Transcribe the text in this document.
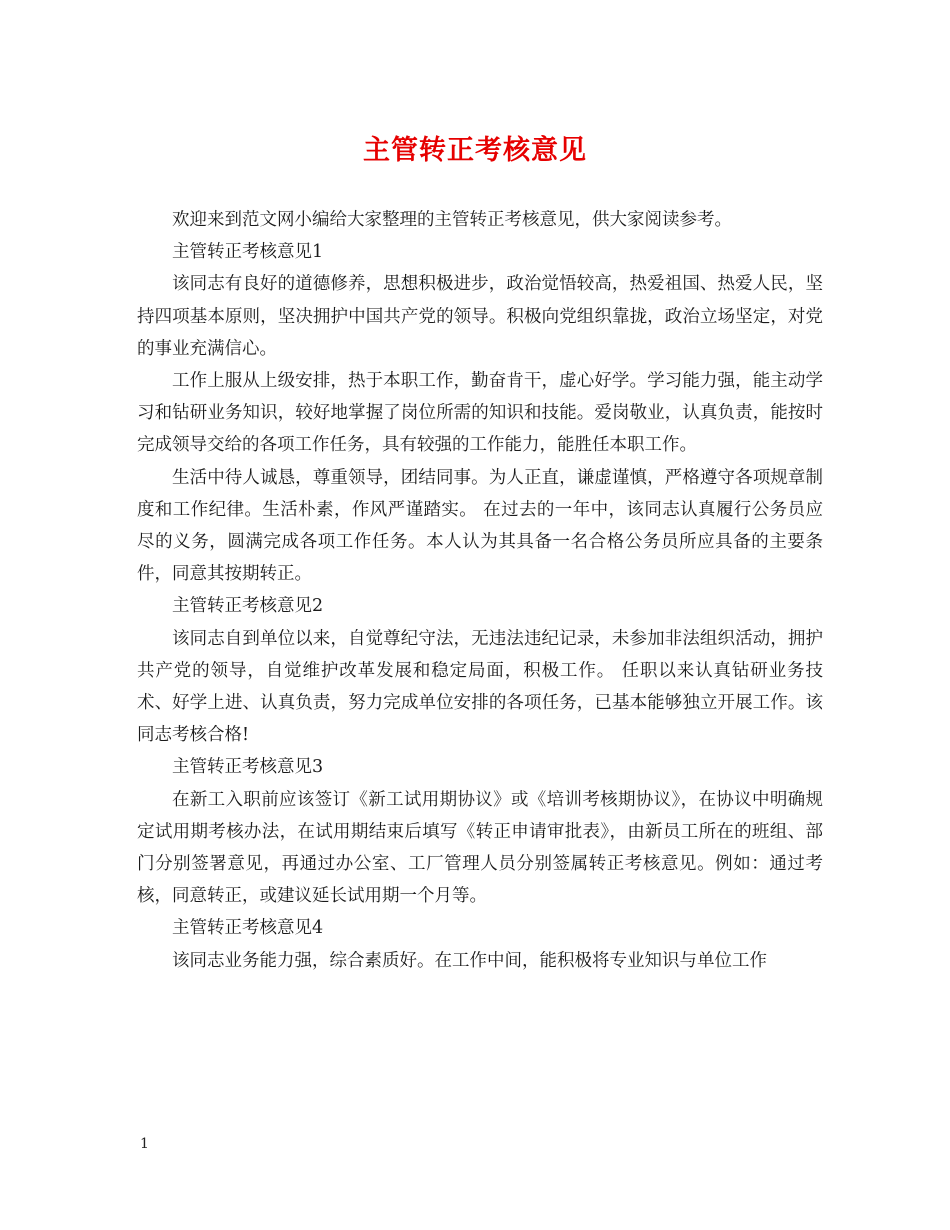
主管转正考核意见

欢迎来到范文网小编给大家整理的主管转正考核意见，供大家阅读参考。

主管转正考核意见1

该同志有良好的道德修养，思想积极进步，政治觉悟较高，热爱祖国、热爱人民，坚持四项基本原则，坚决拥护中国共产党的领导。积极向党组织靠拢，政治立场坚定，对党的事业充满信心。

工作上服从上级安排，热于本职工作，勤奋肯干，虚心好学。学习能力强，能主动学习和钻研业务知识，较好地掌握了岗位所需的知识和技能。爱岗敬业，认真负责，能按时完成领导交给的各项工作任务，具有较强的工作能力，能胜任本职工作。

生活中待人诚恳，尊重领导，团结同事。为人正直，谦虚谨慎，严格遵守各项规章制度和工作纪律。生活朴素，作风严谨踏实。 在过去的一年中，该同志认真履行公务员应尽的义务，圆满完成各项工作任务。本人认为其具备一名合格公务员所应具备的主要条件，同意其按期转正。

主管转正考核意见2

该同志自到单位以来，自觉尊纪守法，无违法违纪记录，未参加非法组织活动，拥护共产党的领导，自觉维护改革发展和稳定局面，积极工作。 任职以来认真钻研业务技术、好学上进、认真负责，努力完成单位安排的各项任务，已基本能够独立开展工作。该同志考核合格!

主管转正考核意见3

在新工入职前应该签订《新工试用期协议》或《培训考核期协议》，在协议中明确规定试用期考核办法，在试用期结束后填写《转正申请审批表》，由新员工所在的班组、部门分别签署意见，再通过办公室、工厂管理人员分别签属转正考核意见。例如：通过考核，同意转正，或建议延长试用期一个月等。

主管转正考核意见4

该同志业务能力强，综合素质好。在工作中间，能积极将专业知识与单位工作

1
